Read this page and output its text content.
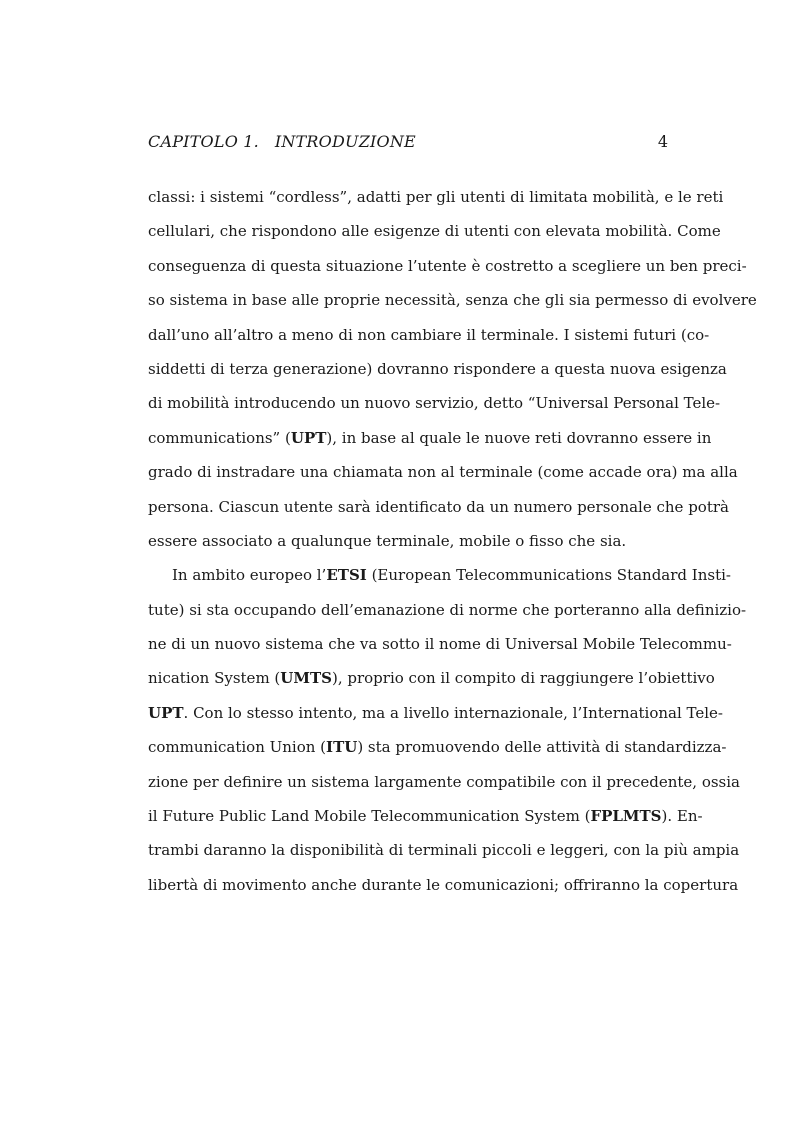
CAPITOLO 1.   INTRODUZIONE	4
classi: i sistemi “cordless”, adatti per gli utenti di limitata mobilità, e le reti
cellulari, che rispondono alle esigenze di utenti con elevata mobilità. Come
conseguenza di questa situazione l’utente è costretto a scegliere un ben preci-
so sistema in base alle proprie necessità, senza che gli sia permesso di evolvere
dall’uno all’altro a meno di non cambiare il terminale. I sistemi futuri (co-
siddetti di terza generazione) dovranno rispondere a questa nuova esigenza
di mobilità introducendo un nuovo servizio, detto “Universal Personal Tele-
communications” (UPT), in base al quale le nuove reti dovranno essere in
grado di instradare una chiamata non al terminale (come accade ora) ma alla
persona. Ciascun utente sarà identificato da un numero personale che potrà
essere associato a qualunque terminale, mobile o fisso che sia.
In ambito europeo l’ETSI (European Telecommunications Standard Insti-
tute) si sta occupando dell’emanazione di norme che porteranno alla definizio-
ne di un nuovo sistema che va sotto il nome di Universal Mobile Telecommu-
nication System (UMTS), proprio con il compito di raggiungere l’obiettivo
UPT. Con lo stesso intento, ma a livello internazionale, l’International Tele-
communication Union (ITU) sta promuovendo delle attività di standardizza-
zione per definire un sistema largamente compatibile con il precedente, ossia
il Future Public Land Mobile Telecommunication System (FPLMTS). En-
trambi daranno la disponibilità di terminali piccoli e leggeri, con la più ampia
libertà di movimento anche durante le comunicazioni; offriranno la copertura
